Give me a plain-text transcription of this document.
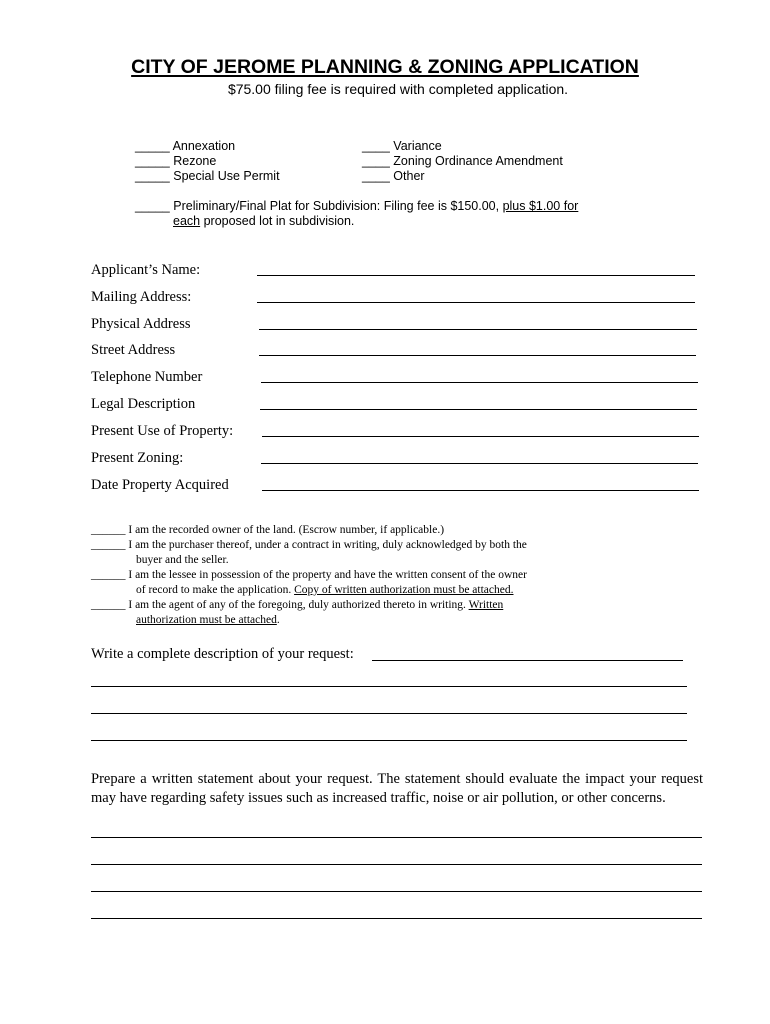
CITY OF JEROME PLANNING & ZONING APPLICATION
$75.00 filing fee is required with completed application.
_____ Annexation
_____ Rezone
_____ Special Use Permit
____ Variance
____ Zoning Ordinance Amendment
____ Other
_____ Preliminary/Final Plat for Subdivision: Filing fee is $150.00, plus $1.00 for
each proposed lot in subdivision.
Applicant’s Name:
Mailing Address:
Physical Address
Street Address
Telephone Number
Legal Description
Present Use of Property:
Present Zoning:
Date Property Acquired
______ I am the recorded owner of the land. (Escrow number, if applicable.)
______ I am the purchaser thereof, under a contract in writing, duly acknowledged by both the
buyer and the seller.
______ I am the lessee in possession of the property and have the written consent of the owner
of record to make the application. Copy of written authorization must be attached.
______ I am the agent of any of the foregoing, duly authorized thereto in writing. Written
authorization must be attached.
Write a complete description of your request:
Prepare a written statement about your request. The statement should evaluate the impact your request may have regarding safety issues such as increased traffic, noise or air pollution, or other concerns.
